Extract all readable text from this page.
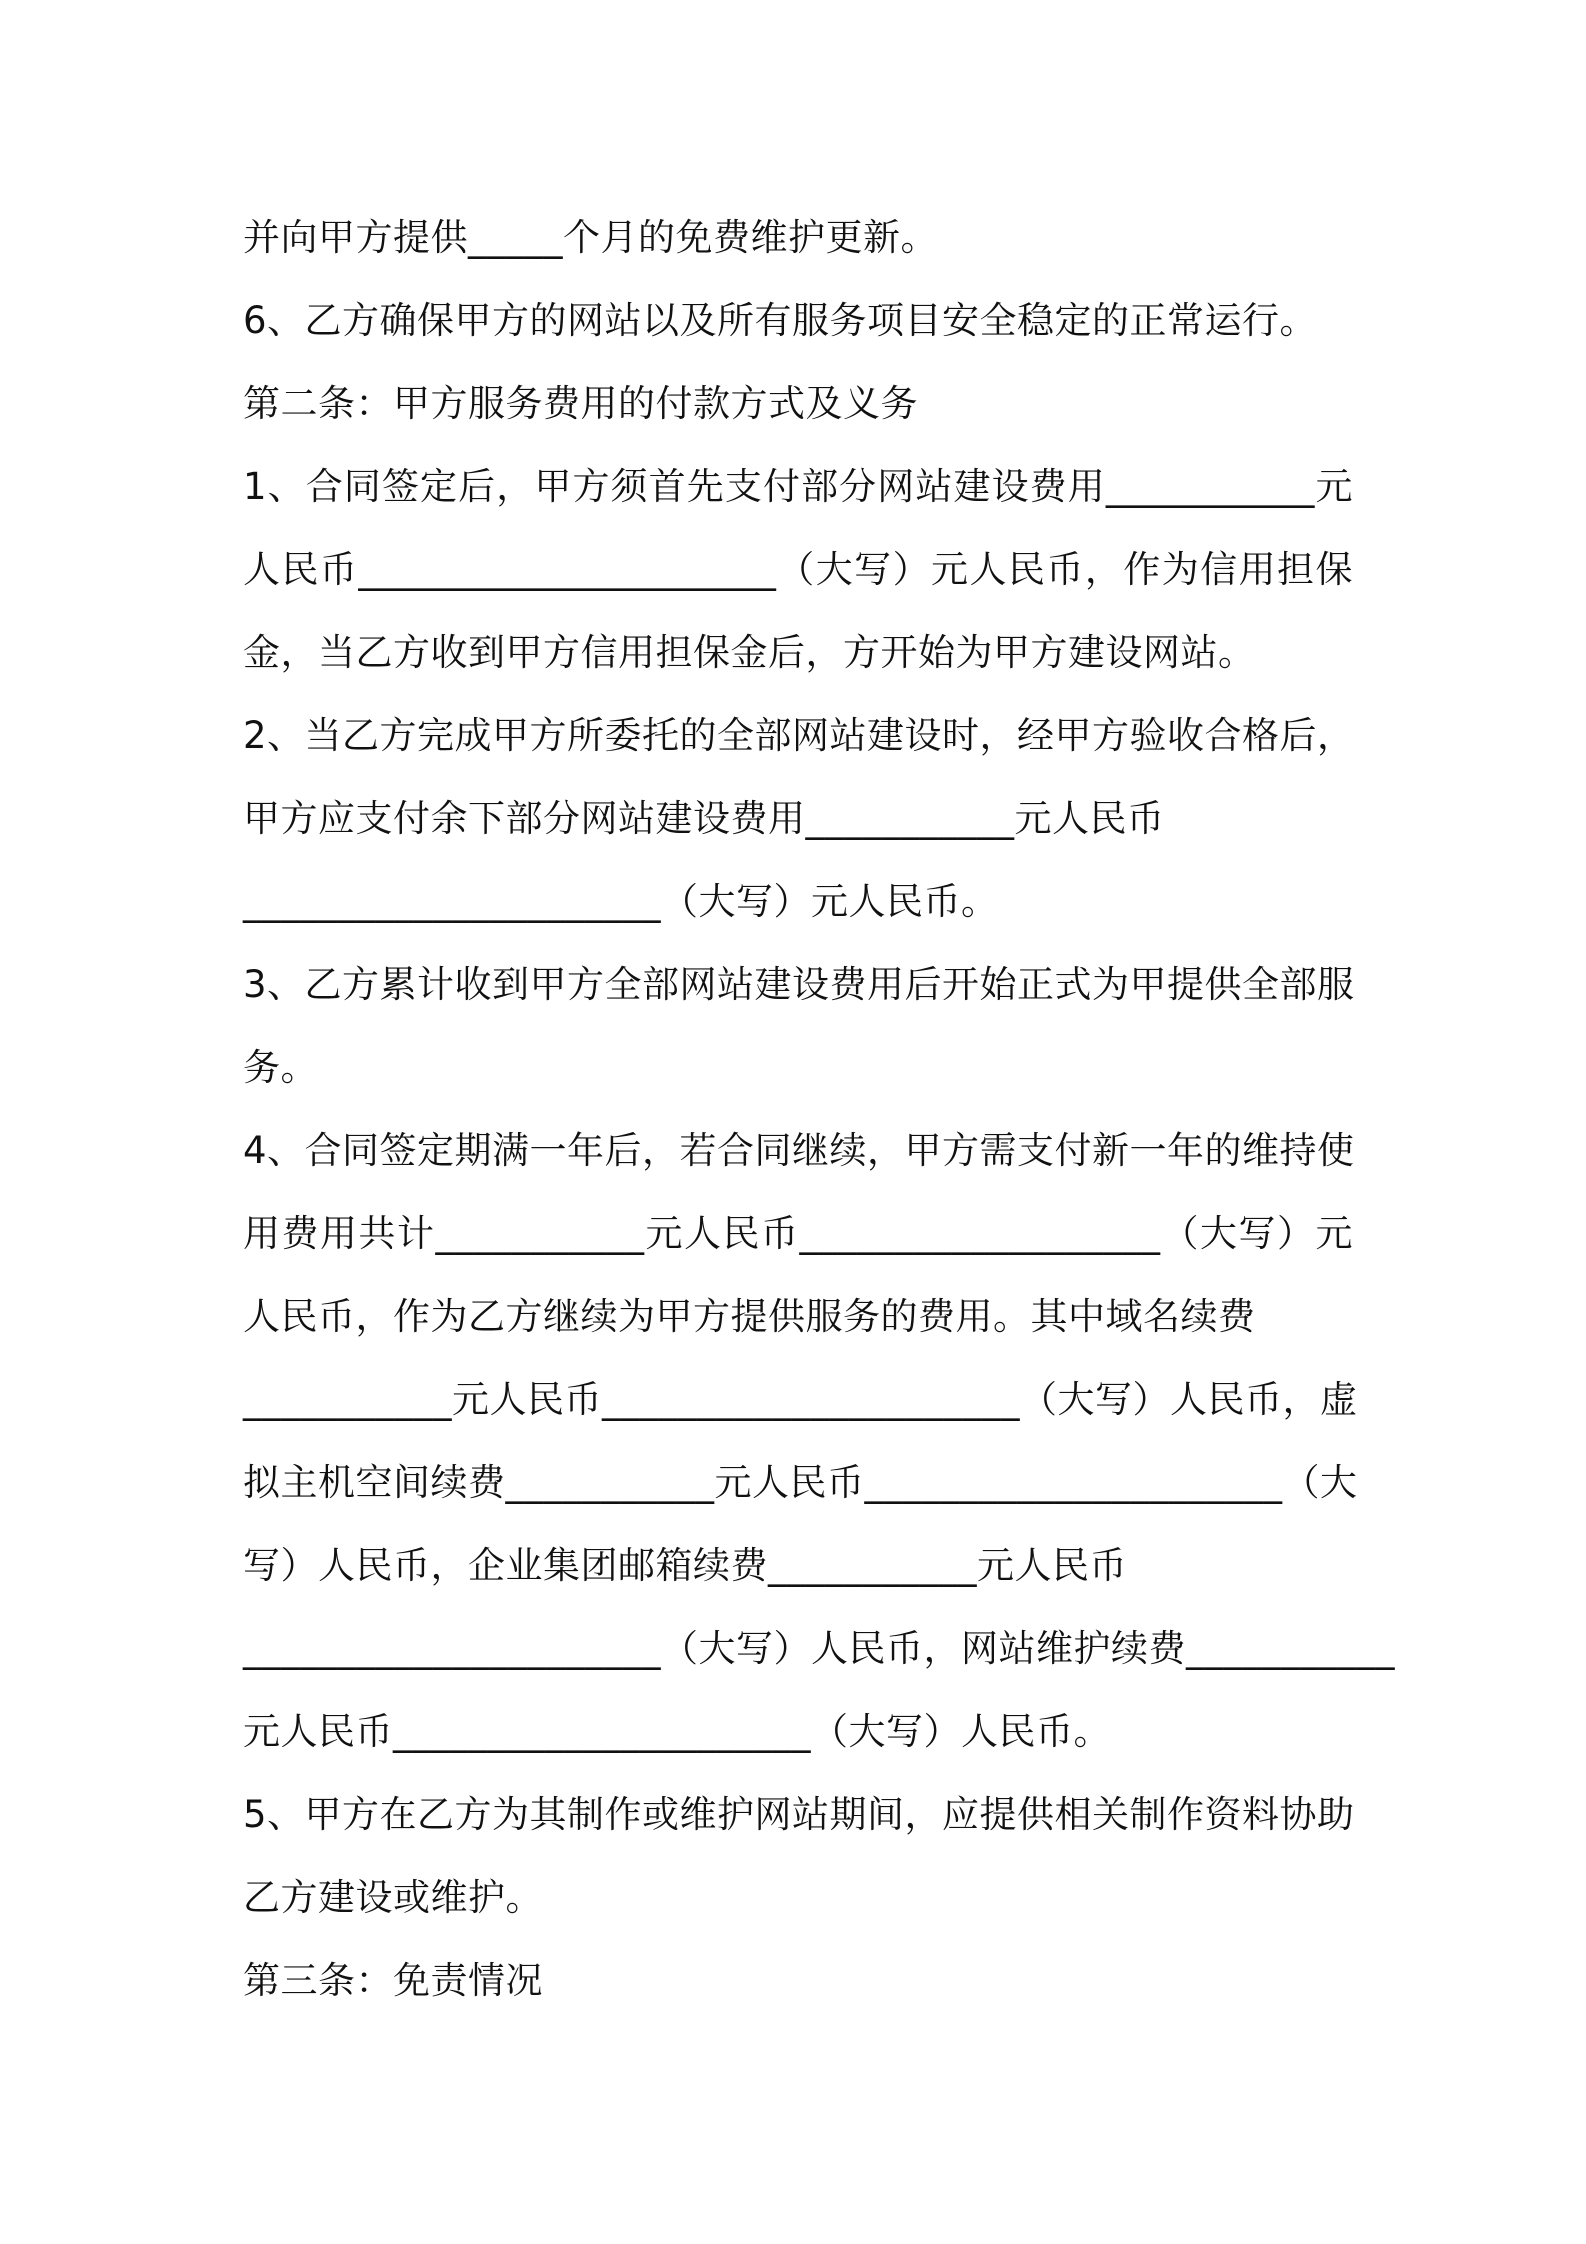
并向甲方提供_____个月的免费维护更新。
6、乙方确保甲方的网站以及所有服务项目安全稳定的正常运行。
第二条：甲方服务费用的付款方式及义务
1、合同签定后，甲方须首先支付部分网站建设费用___________元
人民币______________________（大写）元人民币，作为信用担保
金，当乙方收到甲方信用担保金后，方开始为甲方建设网站。
2、当乙方完成甲方所委托的全部网站建设时，经甲方验收合格后，
甲方应支付余下部分网站建设费用___________元人民币
______________________（大写）元人民币。
3、乙方累计收到甲方全部网站建设费用后开始正式为甲提供全部服
务。
4、合同签定期满一年后，若合同继续，甲方需支付新一年的维持使
用费用共计___________元人民币___________________（大写）元
人民币，作为乙方继续为甲方提供服务的费用。其中域名续费
___________元人民币______________________（大写）人民币，虚
拟主机空间续费___________元人民币______________________（大
写）人民币，企业集团邮箱续费___________元人民币
______________________（大写）人民币，网站维护续费___________
元人民币______________________（大写）人民币。
5、甲方在乙方为其制作或维护网站期间，应提供相关制作资料协助
乙方建设或维护。
第三条：免责情况
